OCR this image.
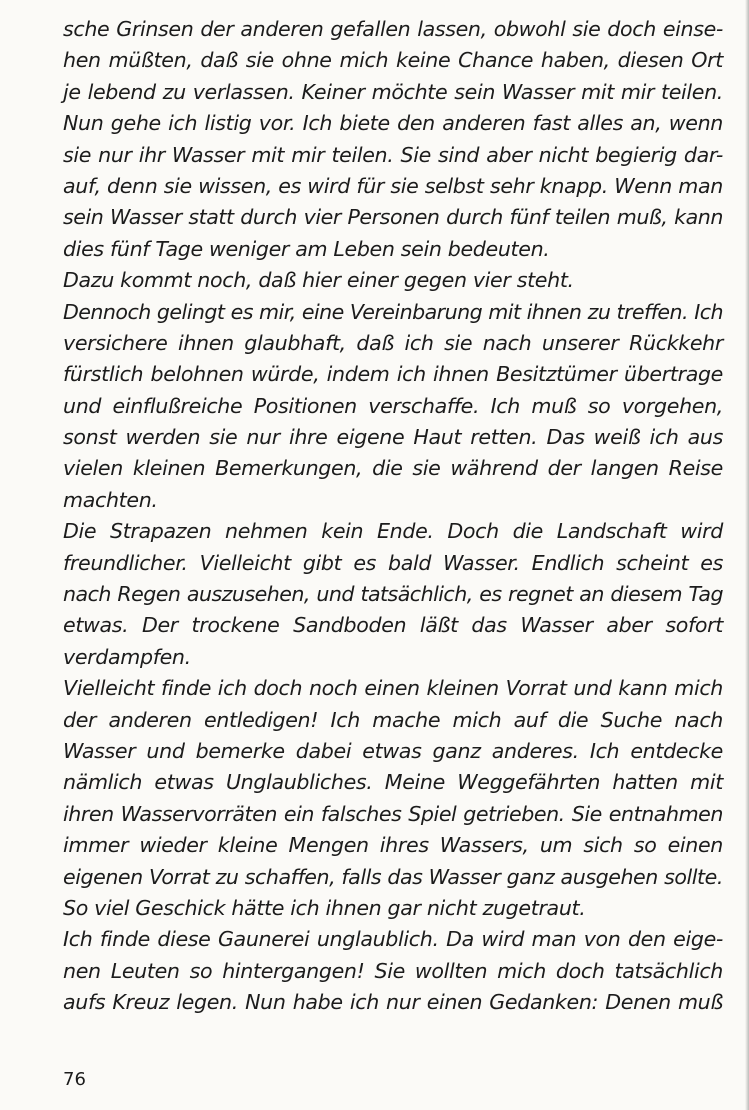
sche Grinsen der anderen gefallen lassen, obwohl sie doch einse-
hen müßten, daß sie ohne mich keine Chance haben, diesen Ort
je lebend zu verlassen. Keiner möchte sein Wasser mit mir teilen.
Nun gehe ich listig vor. Ich biete den anderen fast alles an, wenn
sie nur ihr Wasser mit mir teilen. Sie sind aber nicht begierig dar-
auf, denn sie wissen, es wird für sie selbst sehr knapp. Wenn man
sein Wasser statt durch vier Personen durch fünf teilen muß, kann
dies fünf Tage weniger am Leben sein bedeuten.
Dazu kommt noch, daß hier einer gegen vier steht.
Dennoch gelingt es mir, eine Vereinbarung mit ihnen zu treffen. Ich
versichere ihnen glaubhaft, daß ich sie nach unserer Rückkehr
fürstlich belohnen würde, indem ich ihnen Besitztümer übertrage
und einflußreiche Positionen verschaffe. Ich muß so vorgehen,
sonst werden sie nur ihre eigene Haut retten. Das weiß ich aus
vielen kleinen Bemerkungen, die sie während der langen Reise
machten.
Die Strapazen nehmen kein Ende. Doch die Landschaft wird
freundlicher. Vielleicht gibt es bald Wasser. Endlich scheint es
nach Regen auszusehen, und tatsächlich, es regnet an diesem Tag
etwas. Der trockene Sandboden läßt das Wasser aber sofort
verdampfen.
Vielleicht finde ich doch noch einen kleinen Vorrat und kann mich
der anderen entledigen! Ich mache mich auf die Suche nach
Wasser und bemerke dabei etwas ganz anderes. Ich entdecke
nämlich etwas Unglaubliches. Meine Weggefährten hatten mit
ihren Wasservorräten ein falsches Spiel getrieben. Sie entnahmen
immer wieder kleine Mengen ihres Wassers, um sich so einen
eigenen Vorrat zu schaffen, falls das Wasser ganz ausgehen sollte.
So viel Geschick hätte ich ihnen gar nicht zugetraut.
Ich finde diese Gaunerei unglaublich. Da wird man von den eige-
nen Leuten so hintergangen! Sie wollten mich doch tatsächlich
aufs Kreuz legen. Nun habe ich nur einen Gedanken: Denen muß
76
